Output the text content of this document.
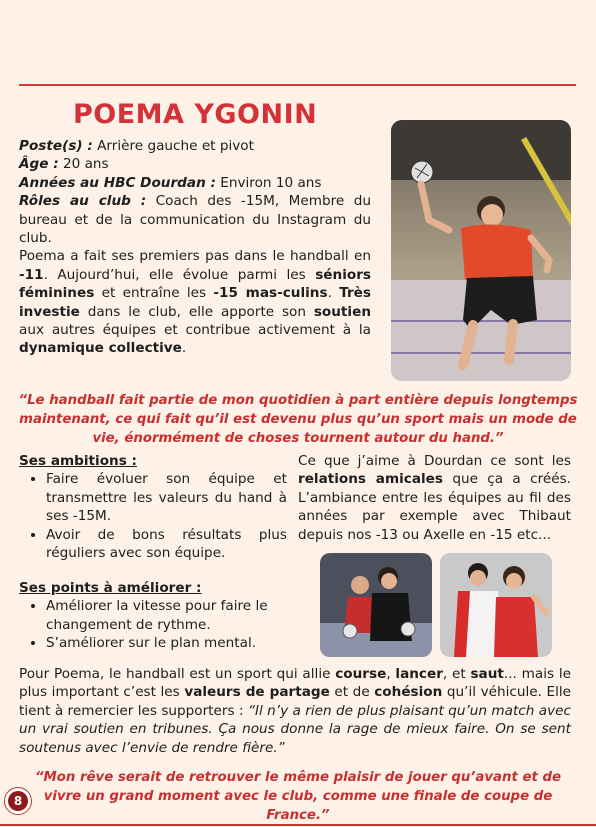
POEMA YGONIN

Poste(s) : Arrière gauche et pivot

Âge : 20 ans

Années au HBC Dourdan : Environ 10 ans

Rôles au club : Coach des -15M, Membre du bureau et de la communication du Instagram du club.

Poema a fait ses premiers pas dans le handball en -11. Aujourd’hui, elle évolue parmi les séniors féminines et entraîne les -15 mas-culins. Très investie dans le club, elle apporte son soutien aux autres équipes et contribue activement à la dynamique collective.

“Le handball fait partie de mon quotidien à part entière depuis longtemps maintenant, ce qui fait qu’il est devenu plus qu’un sport mais un mode de vie, énormément de choses tournent autour du hand.”

Ses ambitions :

• Faire évoluer son équipe et transmettre les valeurs du hand à ses -15M.
• Avoir de bons résultats plus réguliers avec son équipe.

Ses points à améliorer :

• Améliorer la vitesse pour faire le changement de rythme.
• S’améliorer sur le plan mental.

Ce que j’aime à Dourdan ce sont les relations amicales que ça a créés. L’ambiance entre les équipes au fil des années par exemple avec Thibaut depuis nos -13 ou Axelle en -15 etc...

Pour Poema, le handball est un sport qui allie course, lancer, et saut... mais le plus important c’est les valeurs de partage et de cohésion qu’il véhicule. Elle tient à remercier les supporters : “Il n’y a rien de plus plaisant qu’un match avec un vrai soutien en tribunes. Ça nous donne la rage de mieux faire. On se sent soutenus avec l’envie de rendre fière.”

“Mon rêve serait de retrouver le même plaisir de jouer qu’avant et de vivre un grand moment avec le club, comme une finale de coupe de France.”
8
